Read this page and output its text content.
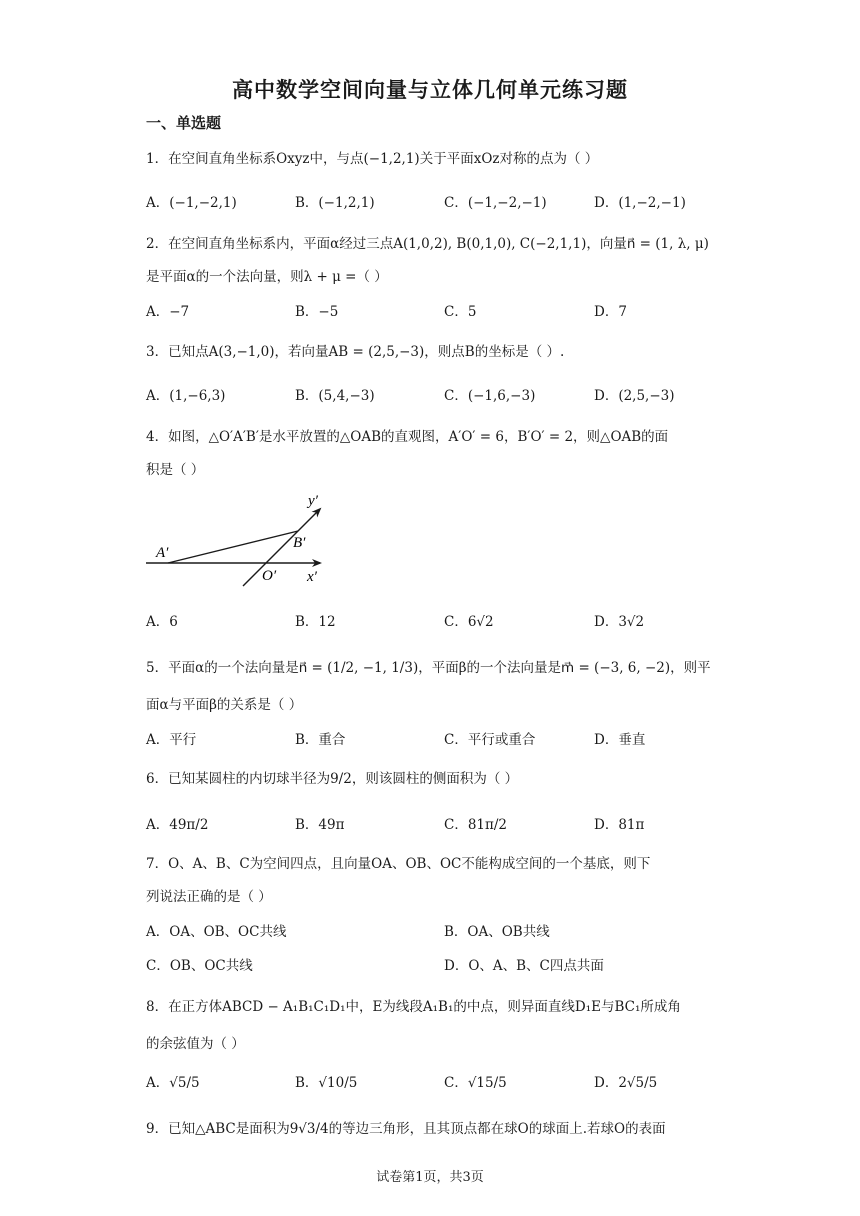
高中数学空间向量与立体几何单元练习题
一、单选题
1．在空间直角坐标系Oxyz中，与点(−1,2,1)关于平面xOz对称的点为（ ）
A．(−1,−2,1)	B．(−1,2,1)	C．(−1,−2,−1)	D．(1,−2,−1)
2．在空间直角坐标系内，平面α经过三点A(1,0,2), B(0,1,0), C(−2,1,1)，向量n⃗ = (1, λ, μ)
是平面α的一个法向量，则λ + μ =（ ）
A．−7	B．−5	C．5	D．7
3．已知点A(3,−1,0)，若向量AB = (2,5,−3)，则点B的坐标是（ ）.
A．(1,−6,3)	B．(5,4,−3)	C．(−1,6,−3)	D．(2,5,−3)
4．如图，△O′A′B′是水平放置的△OAB的直观图，A′O′ = 6，B′O′ = 2，则△OAB的面
积是（ ）
y′
B′
A′
O′ x′
A．6	B．12	C．6√2	D．3√2
5．平面α的一个法向量是n⃗ = (1/2, −1, 1/3)，平面β的一个法向量是m⃗ = (−3, 6, −2)，则平
面α与平面β的关系是（ ）
A．平行	B．重合	C．平行或重合	D．垂直
6．已知某圆柱的内切球半径为9/2，则该圆柱的侧面积为（ ）
A．49π/2	B．49π	C．81π/2	D．81π
7．O、A、B、C为空间四点，且向量OA、OB、OC不能构成空间的一个基底，则下
列说法正确的是（ ）
A．OA、OB、OC共线	B．OA、OB共线
C．OB、OC共线	D．O、A、B、C四点共面
8．在正方体ABCD − A₁B₁C₁D₁中，E为线段A₁B₁的中点，则异面直线D₁E与BC₁所成角
的余弦值为（ ）
A．√5/5	B．√10/5	C．√15/5	D．2√5/5
9．已知△ABC是面积为9√3/4的等边三角形，且其顶点都在球O的球面上.若球O的表面
试卷第1页，共3页
